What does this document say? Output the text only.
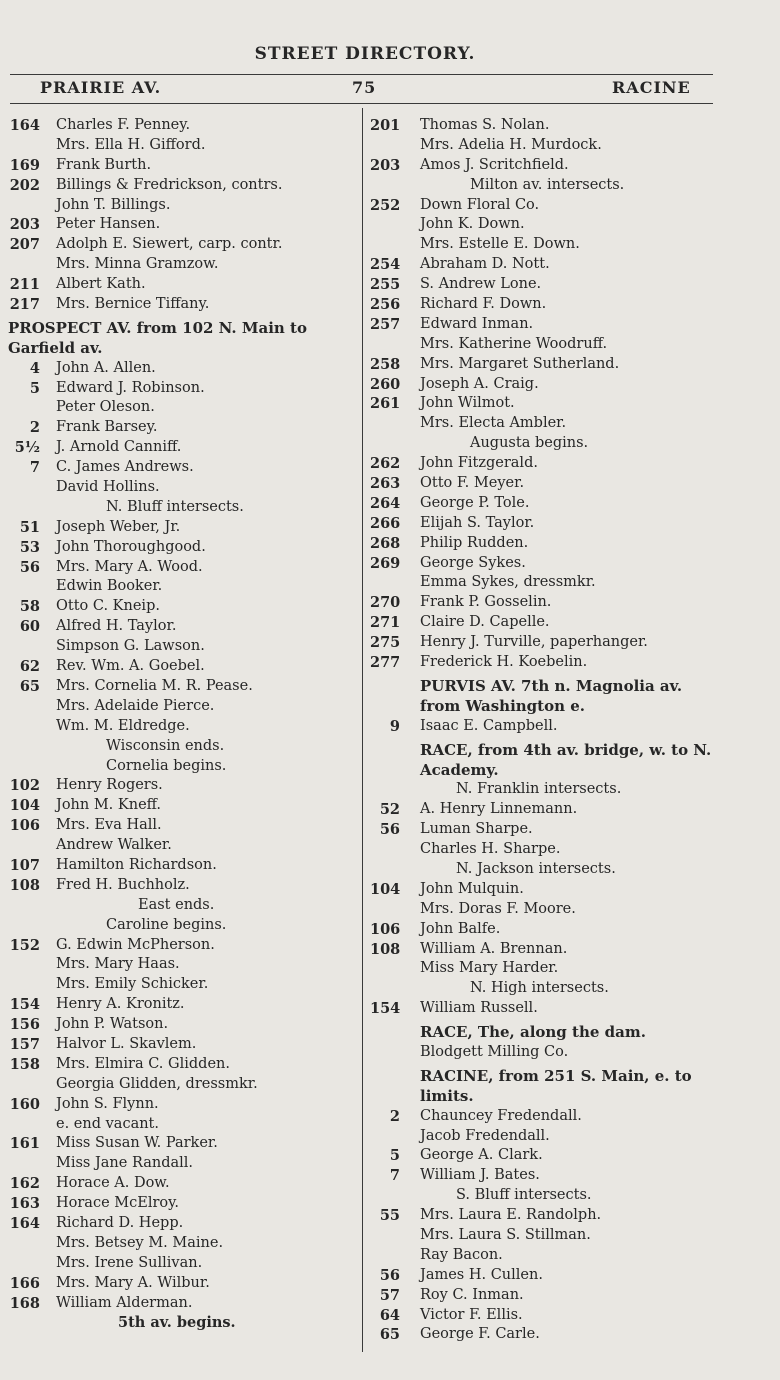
STREET DIRECTORY.
PRAIRIE AV.	75	RACINE
164 Charles F. Penney.
Mrs. Ella H. Gifford.
169 Frank Burth.
202 Billings & Fredrickson, contrs.
John T. Billings.
203 Peter Hansen.
207 Adolph E. Siewert, carp. contr.
Mrs. Minna Gramzow.
211 Albert Kath.
217 Mrs. Bernice Tiffany.
PROSPECT AV. from 102 N. Main to
Garfield av.
4 John A. Allen.
5 Edward J. Robinson.
Peter Oleson.
2 Frank Barsey.
5½ J. Arnold Canniff.
7 C. James Andrews.
David Hollins.
N. Bluff intersects.
51 Joseph Weber, Jr.
53 John Thoroughgood.
56 Mrs. Mary A. Wood.
Edwin Booker.
58 Otto C. Kneip.
60 Alfred H. Taylor.
Simpson G. Lawson.
62 Rev. Wm. A. Goebel.
65 Mrs. Cornelia M. R. Pease.
Mrs. Adelaide Pierce.
Wm. M. Eldredge.
Wisconsin ends.
Cornelia begins.
102 Henry Rogers.
104 John M. Kneff.
106 Mrs. Eva Hall.
Andrew Walker.
107 Hamilton Richardson.
108 Fred H. Buchholz.
East ends.
Caroline begins.
152 G. Edwin McPherson.
Mrs. Mary Haas.
Mrs. Emily Schicker.
154 Henry A. Kronitz.
156 John P. Watson.
157 Halvor L. Skavlem.
158 Mrs. Elmira C. Glidden.
Georgia Glidden, dressmkr.
160 John S. Flynn.
e. end vacant.
161 Miss Susan W. Parker.
Miss Jane Randall.
162 Horace A. Dow.
163 Horace McElroy.
164 Richard D. Hepp.
Mrs. Betsey M. Maine.
Mrs. Irene Sullivan.
166 Mrs. Mary A. Wilbur.
168 William Alderman.
5th av. begins.
201 Thomas S. Nolan.
Mrs. Adelia H. Murdock.
203 Amos J. Scritchfield.
Milton av. intersects.
252 Down Floral Co.
John K. Down.
Mrs. Estelle E. Down.
254 Abraham D. Nott.
255 S. Andrew Lone.
256 Richard F. Down.
257 Edward Inman.
Mrs. Katherine Woodruff.
258 Mrs. Margaret Sutherland.
260 Joseph A. Craig.
261 John Wilmot.
Mrs. Electa Ambler.
Augusta begins.
262 John Fitzgerald.
263 Otto F. Meyer.
264 George P. Tole.
266 Elijah S. Taylor.
268 Philip Rudden.
269 George Sykes.
Emma Sykes, dressmkr.
270 Frank P. Gosselin.
271 Claire D. Capelle.
275 Henry J. Turville, paperhanger.
277 Frederick H. Koebelin.
PURVIS AV. 7th n. Magnolia av.
from Washington e.
9 Isaac E. Campbell.
RACE, from 4th av. bridge, w. to N.
Academy.
N. Franklin intersects.
52 A. Henry Linnemann.
56 Luman Sharpe.
Charles H. Sharpe.
N. Jackson intersects.
104 John Mulquin.
Mrs. Doras F. Moore.
106 John Balfe.
108 William A. Brennan.
Miss Mary Harder.
N. High intersects.
154 William Russell.
RACE, The, along the dam.
Blodgett Milling Co.
RACINE, from 251 S. Main, e. to
limits.
2 Chauncey Fredendall.
Jacob Fredendall.
5 George A. Clark.
7 William J. Bates.
S. Bluff intersects.
55 Mrs. Laura E. Randolph.
Mrs. Laura S. Stillman.
Ray Bacon.
56 James H. Cullen.
57 Roy C. Inman.
64 Victor F. Ellis.
65 George F. Carle.
